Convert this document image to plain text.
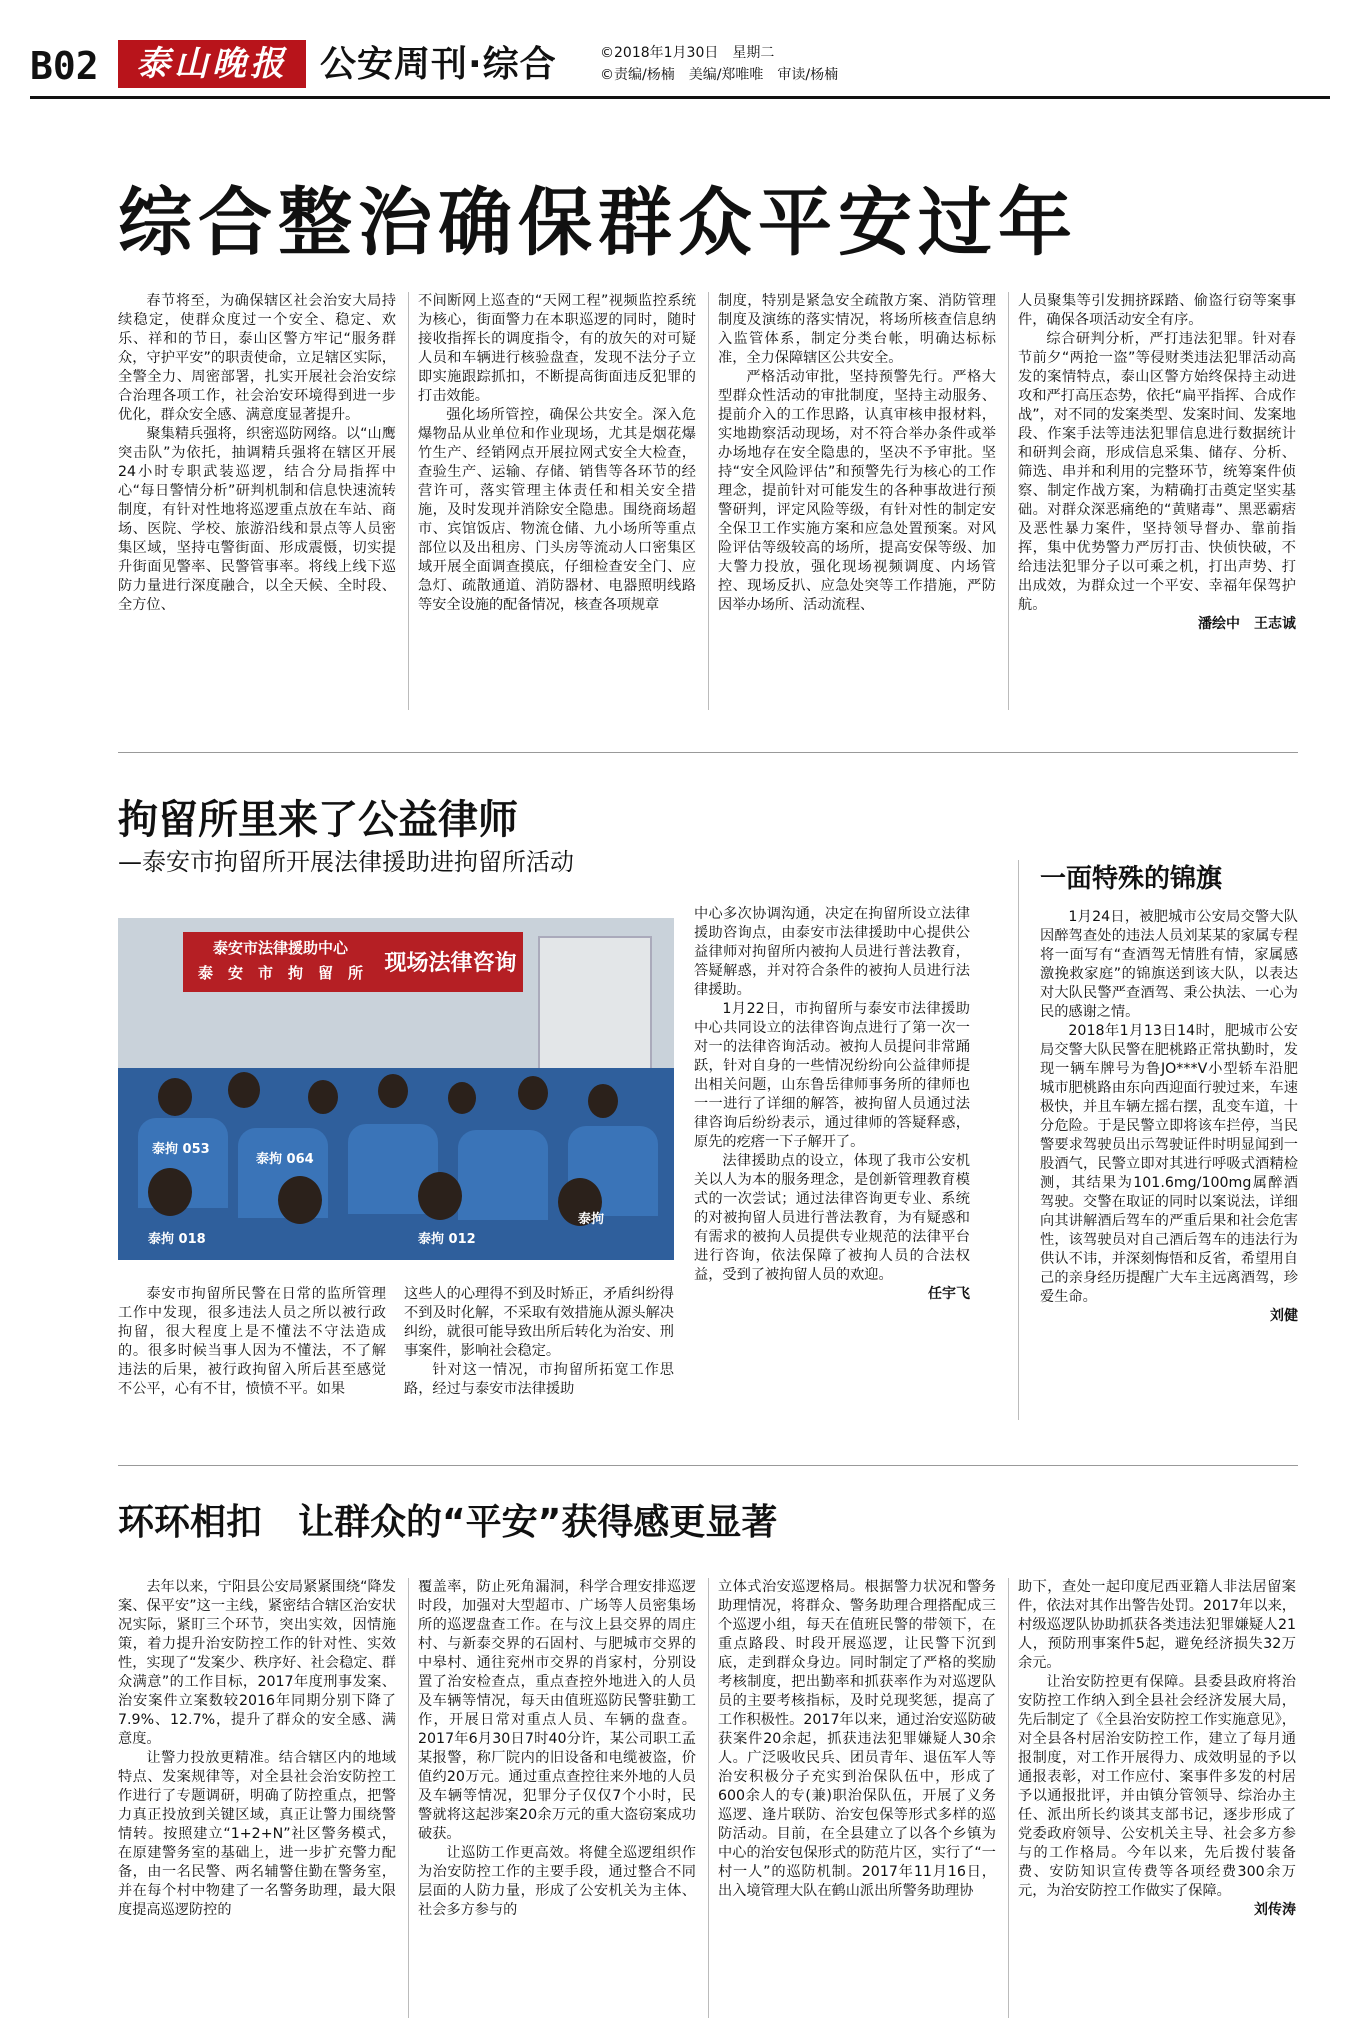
B02	泰山晚报 公安周刊·综合	©2018年1月30日　星期二
©责编/杨楠　美编/郑唯唯　审读/杨楠
综合整治确保群众平安过年

春节将至，为确保辖区社会治安大局持续稳定，使群众度过一个安全、稳定、欢乐、祥和的节日，泰山区警方牢记“服务群众，守护平安”的职责使命，立足辖区实际，全警全力、周密部署，扎实开展社会治安综合治理各项工作，社会治安环境得到进一步优化，群众安全感、满意度显著提升。

聚集精兵强将，织密巡防网络。以“山鹰突击队”为依托，抽调精兵强将在辖区开展24小时专职武装巡逻，结合分局指挥中心“每日警情分析”研判机制和信息快速流转制度，有针对性地将巡逻重点放在车站、商场、医院、学校、旅游沿线和景点等人员密集区域，坚持屯警街面、形成震慑，切实提升街面见警率、民警管事率。将线上线下巡防力量进行深度融合，以全天候、全时段、全方位、

不间断网上巡查的“天网工程”视频监控系统为核心，街面警力在本职巡逻的同时，随时接收指挥长的调度指令，有的放矢的对可疑人员和车辆进行核验盘查，发现不法分子立即实施跟踪抓扣，不断提高街面违反犯罪的打击效能。

强化场所管控，确保公共安全。深入危爆物品从业单位和作业现场，尤其是烟花爆竹生产、经销网点开展拉网式安全大检查，查验生产、运输、存储、销售等各环节的经营许可，落实管理主体责任和相关安全措施，及时发现并消除安全隐患。围绕商场超市、宾馆饭店、物流仓储、九小场所等重点部位以及出租房、门头房等流动人口密集区域开展全面调查摸底，仔细检查安全门、应急灯、疏散通道、消防器材、电器照明线路等安全设施的配备情况，核查各项规章

制度，特别是紧急安全疏散方案、消防管理制度及演练的落实情况，将场所核查信息纳入监管体系，制定分类台帐，明确达标标准，全力保障辖区公共安全。

严格活动审批，坚持预警先行。严格大型群众性活动的审批制度，坚持主动服务、提前介入的工作思路，认真审核申报材料，实地勘察活动现场，对不符合举办条件或举办场地存在安全隐患的，坚决不予审批。坚持“安全风险评估”和预警先行为核心的工作理念，提前针对可能发生的各种事故进行预警研判，评定风险等级，有针对性的制定安全保卫工作实施方案和应急处置预案。对风险评估等级较高的场所，提高安保等级、加大警力投放，强化现场视频调度、内场管控、现场反扒、应急处突等工作措施，严防因举办场所、活动流程、

人员聚集等引发拥挤踩踏、偷盗行窃等案事件，确保各项活动安全有序。

综合研判分析，严打违法犯罪。针对春节前夕“两抢一盗”等侵财类违法犯罪活动高发的案情特点，泰山区警方始终保持主动进攻和严打高压态势，依托“扁平指挥、合成作战”，对不同的发案类型、发案时间、发案地段、作案手法等违法犯罪信息进行数据统计和研判会商，形成信息采集、储存、分析、筛选、串并和利用的完整环节，统筹案件侦察、制定作战方案，为精确打击奠定坚实基础。对群众深恶痛绝的“黄赌毒”、黑恶霸痞及恶性暴力案件，坚持领导督办、靠前指挥，集中优势警力严厉打击、快侦快破，不给违法犯罪分子以可乘之机，打出声势、打出成效，为群众过一个平安、幸福年保驾护航。

潘绘中　王志诚
拘留所里来了公益律师
—泰安市拘留所开展法律援助进拘留所活动
泰安市法律援助中心
泰　安　市　拘　留　所 现场法律咨询
泰拘 053
泰拘 064
泰拘 018	泰拘 012
泰拘

中心多次协调沟通，决定在拘留所设立法律援助咨询点，由泰安市法律援助中心提供公益律师对拘留所内被拘人员进行普法教育，答疑解惑，并对符合条件的被拘人员进行法律援助。

1月22日，市拘留所与泰安市法律援助中心共同设立的法律咨询点进行了第一次一对一的法律咨询活动。被拘人员提问非常踊跃，针对自身的一些情况纷纷向公益律师提出相关问题，山东鲁岳律师事务所的律师也一一进行了详细的解答，被拘留人员通过法律咨询后纷纷表示，通过律师的答疑释惑，原先的疙瘩一下子解开了。

法律援助点的设立，体现了我市公安机关以人为本的服务理念，是创新管理教育模式的一次尝试；通过法律咨询更专业、系统的对被拘留人员进行普法教育，为有疑惑和有需求的被拘人员提供专业规范的法律平台进行咨询，依法保障了被拘人员的合法权益，受到了被拘留人员的欢迎。

任宇飞

泰安市拘留所民警在日常的监所管理工作中发现，很多违法人员之所以被行政拘留，很大程度上是不懂法不守法造成的。很多时候当事人因为不懂法，不了解违法的后果，被行政拘留入所后甚至感觉不公平，心有不甘，愤愤不平。如果

这些人的心理得不到及时矫正，矛盾纠纷得不到及时化解，不采取有效措施从源头解决纠纷，就很可能导致出所后转化为治安、刑事案件，影响社会稳定。

针对这一情况，市拘留所拓宽工作思路，经过与泰安市法律援助

一面特殊的锦旗

1月24日，被肥城市公安局交警大队因醉驾查处的违法人员刘某某的家属专程将一面写有“查酒驾无情胜有情，家属感激挽救家庭”的锦旗送到该大队，以表达对大队民警严查酒驾、秉公执法、一心为民的感谢之情。

2018年1月13日14时，肥城市公安局交警大队民警在肥桃路正常执勤时，发现一辆车牌号为鲁JO***V小型轿车沿肥城市肥桃路由东向西迎面行驶过来，车速极快，并且车辆左摇右摆，乱变车道，十分危险。于是民警立即将该车拦停，当民警要求驾驶员出示驾驶证件时明显闻到一股酒气，民警立即对其进行呼吸式酒精检测，其结果为101.6mg/100mg属醉酒驾驶。交警在取证的同时以案说法，详细向其讲解酒后驾车的严重后果和社会危害性，该驾驶员对自己酒后驾车的违法行为供认不讳，并深刻悔悟和反省，希望用自己的亲身经历提醒广大车主远离酒驾，珍爱生命。

刘健
环环相扣　让群众的“平安”获得感更显著

去年以来，宁阳县公安局紧紧围绕“降发案、保平安”这一主线，紧密结合辖区治安状况实际，紧盯三个环节，突出实效，因情施策，着力提升治安防控工作的针对性、实效性，实现了“发案少、秩序好、社会稳定、群众满意”的工作目标，2017年度刑事发案、治安案件立案数较2016年同期分别下降了7.9%、12.7%，提升了群众的安全感、满意度。

让警力投放更精准。结合辖区内的地域特点、发案规律等，对全县社会治安防控工作进行了专题调研，明确了防控重点，把警力真正投放到关键区域，真正让警力围绕警情转。按照建立“1+2+N”社区警务模式，在原建警务室的基础上，进一步扩充警力配备，由一名民警、两名辅警住勤在警务室，并在每个村中物建了一名警务助理，最大限度提高巡逻防控的

覆盖率，防止死角漏洞，科学合理安排巡逻时段，加强对大型超市、广场等人员密集场所的巡逻盘查工作。在与汶上县交界的周庄村、与新泰交界的石固村、与肥城市交界的中皋村、通往兖州市交界的肖家村，分别设置了治安检查点，重点查控外地进入的人员及车辆等情况，每天由值班巡防民警驻勤工作，开展日常对重点人员、车辆的盘查。2017年6月30日7时40分许，某公司职工孟某报警，称厂院内的旧设备和电缆被盗，价值约20万元。通过重点查控往来外地的人员及车辆等情况，犯罪分子仅仅7个小时，民警就将这起涉案20余万元的重大盗窃案成功破获。

让巡防工作更高效。将健全巡逻组织作为治安防控工作的主要手段，通过整合不同层面的人防力量，形成了公安机关为主体、社会多方参与的

立体式治安巡逻格局。根据警力状况和警务助理情况，将群众、警务助理合理搭配成三个巡逻小组，每天在值班民警的带领下，在重点路段、时段开展巡逻，让民警下沉到底，走到群众身边。同时制定了严格的奖励考核制度，把出勤率和抓获率作为对巡逻队员的主要考核指标，及时兑现奖惩，提高了工作积极性。2017年以来，通过治安巡防破获案件20余起，抓获违法犯罪嫌疑人30余人。广泛吸收民兵、团员青年、退伍军人等治安积极分子充实到治保队伍中，形成了600余人的专(兼)职治保队伍，开展了义务巡逻、逢片联防、治安包保等形式多样的巡防活动。目前，在全县建立了以各个乡镇为中心的治安包保形式的防范片区，实行了“一村一人”的巡防机制。2017年11月16日，出入境管理大队在鹤山派出所警务助理协

助下，查处一起印度尼西亚籍人非法居留案件，依法对其作出警告处罚。2017年以来，村级巡逻队协助抓获各类违法犯罪嫌疑人21人，预防刑事案件5起，避免经济损失32万余元。

让治安防控更有保障。县委县政府将治安防控工作纳入到全县社会经济发展大局，先后制定了《全县治安防控工作实施意见》，对全县各村居治安防控工作，建立了每月通报制度，对工作开展得力、成效明显的予以通报表彰，对工作应付、案事件多发的村居予以通报批评，并由镇分管领导、综治办主任、派出所长约谈其支部书记，逐步形成了党委政府领导、公安机关主导、社会多方参与的工作格局。今年以来，先后拨付装备费、安防知识宣传费等各项经费300余万元，为治安防控工作做实了保障。

刘传涛
